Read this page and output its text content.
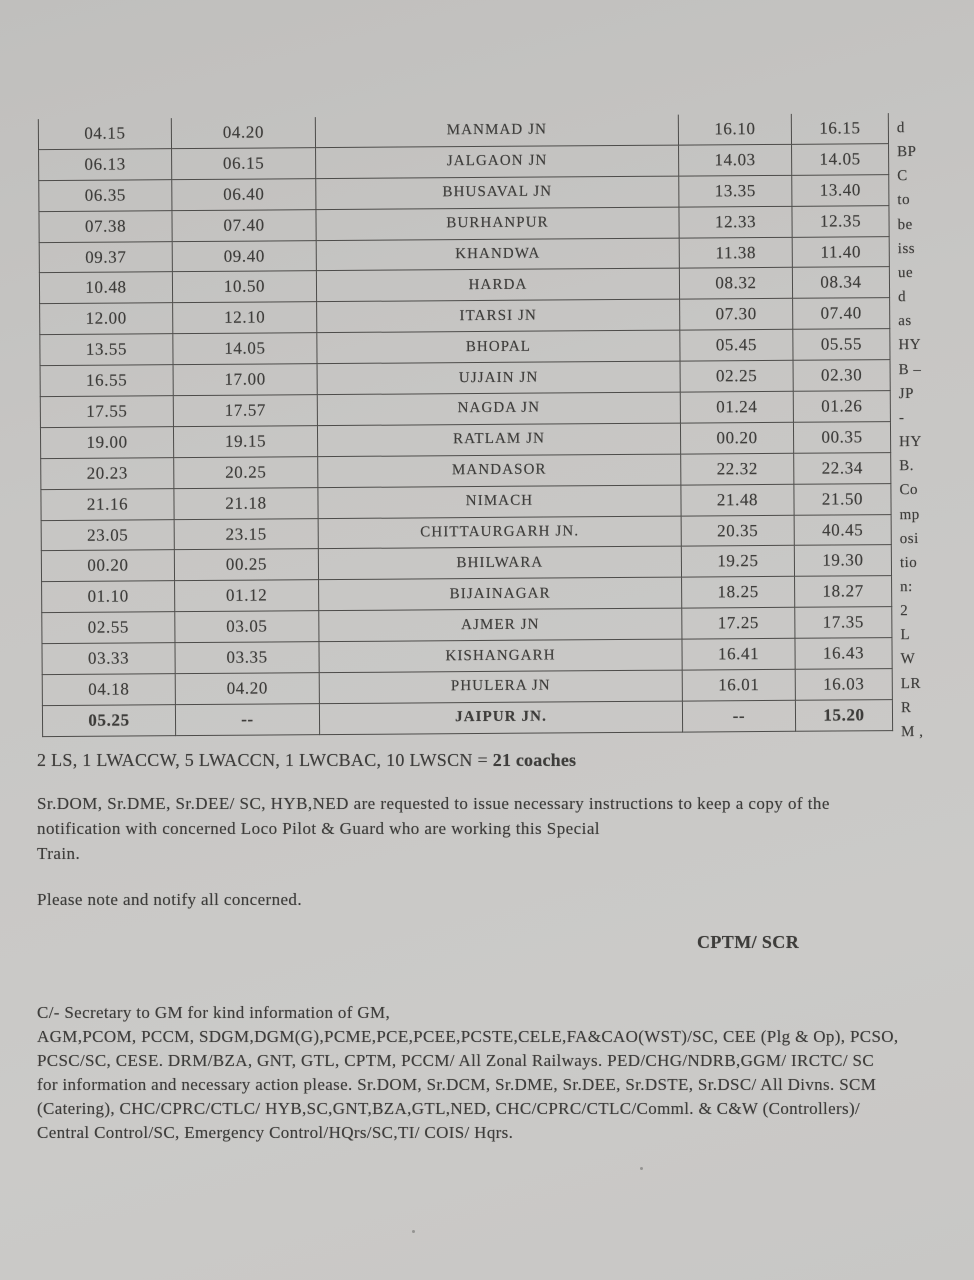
04.15	04.20	MANMAD JN	16.10	16.15
06.13	06.15	JALGAON JN	14.03	14.05
06.35	06.40	BHUSAVAL JN	13.35	13.40
07.38	07.40	BURHANPUR	12.33	12.35
09.37	09.40	KHANDWA	11.38	11.40
10.48	10.50	HARDA	08.32	08.34
12.00	12.10	ITARSI JN	07.30	07.40
13.55	14.05	BHOPAL	05.45	05.55
16.55	17.00	UJJAIN JN	02.25	02.30
17.55	17.57	NAGDA JN	01.24	01.26
19.00	19.15	RATLAM JN	00.20	00.35
20.23	20.25	MANDASOR	22.32	22.34
21.16	21.18	NIMACH	21.48	21.50
23.05	23.15	CHITTAURGARH JN.	20.35	40.45
00.20	00.25	BHILWARA	19.25	19.30
01.10	01.12	BIJAINAGAR	18.25	18.27
02.55	03.05	AJMER JN	17.25	17.35
03.33	03.35	KISHANGARH	16.41	16.43
04.18	04.20	PHULERA JN	16.01	16.03
05.25	--	JAIPUR JN.	--	15.20
d
BP
C
to
be
iss
ue
d
as
HY
B –
JP
-
HY
B.
Co
mp
osi
tio
n:
2
L
W
LR
R
M ,
2 LS, 1 LWACCW, 5 LWACCN, 1 LWCBAC, 10 LWSCN = 21 coaches
Sr.DOM, Sr.DME, Sr.DEE/ SC, HYB,NED are requested to issue necessary instructions to keep a copy of the
notification with concerned Loco Pilot & Guard who are working this Special
Train.
Please note and notify all concerned.
CPTM/ SCR
C/- Secretary to GM for kind information of GM,
AGM,PCOM, PCCM, SDGM,DGM(G),PCME,PCE,PCEE,PCSTE,CELE,FA&CAO(WST)/SC, CEE (Plg & Op), PCSO,
PCSC/SC, CESE. DRM/BZA, GNT, GTL, CPTM, PCCM/ All Zonal Railways. PED/CHG/NDRB,GGM/ IRCTC/ SC
for information and necessary action please. Sr.DOM, Sr.DCM, Sr.DME, Sr.DEE, Sr.DSTE, Sr.DSC/ All Divns. SCM
(Catering), CHC/CPRC/CTLC/ HYB,SC,GNT,BZA,GTL,NED, CHC/CPRC/CTLC/Comml. & C&W (Controllers)/
Central Control/SC, Emergency Control/HQrs/SC,TI/ COIS/ Hqrs.
